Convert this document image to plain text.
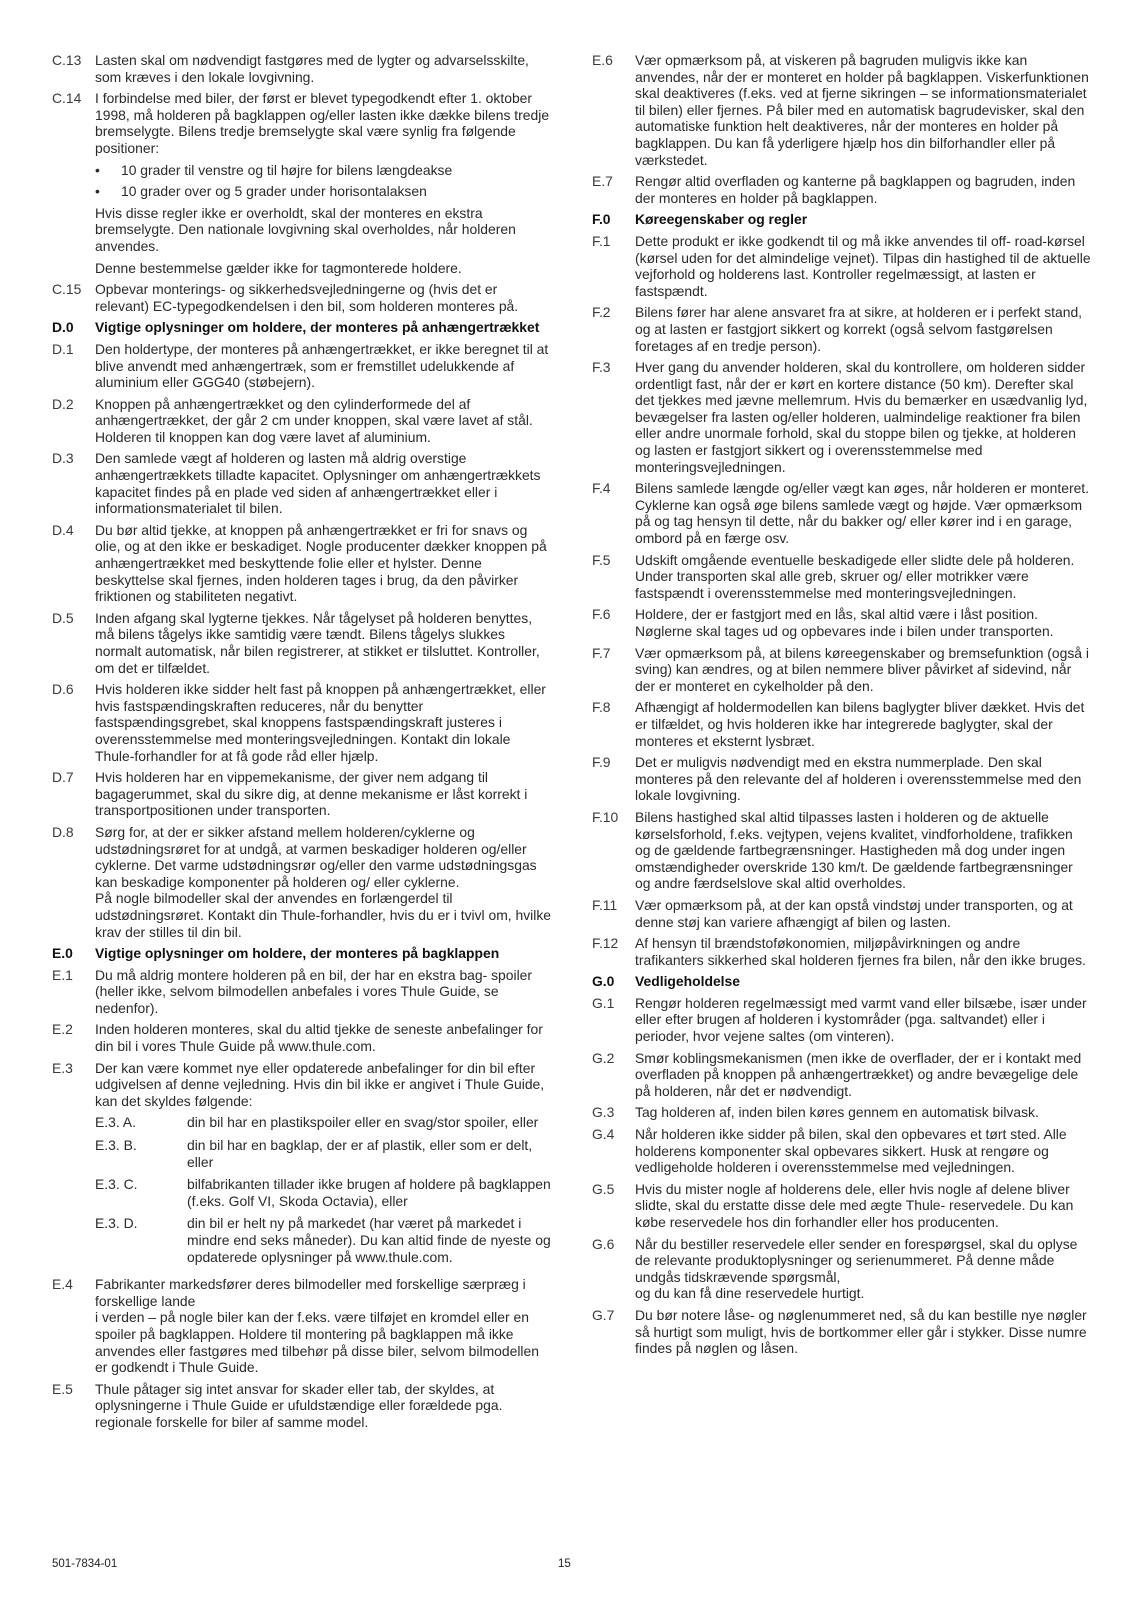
C.13 Lasten skal om nødvendigt fastgøres med de lygter og advarselsskilte, som kræves i den lokale lovgivning.

C.14 I forbindelse med biler, der først er blevet typegodkendt efter 1. oktober 1998, må holderen på bagklappen og/eller lasten ikke dække bilens tredje bremselygte. Bilens tredje bremselygte skal være synlig fra følgende positioner:

•	10 grader til venstre og til højre for bilens længdeakse
•	10 grader over og 5 grader under horisontalaksen

Hvis disse regler ikke er overholdt, skal der monteres en ekstra bremselygte. Den nationale lovgivning skal overholdes, når holderen anvendes.

Denne bestemmelse gælder ikke for tagmonterede holdere.

C.15 Opbevar monterings- og sikkerhedsvejledningerne og (hvis det er relevant) EC-typegodkendelsen i den bil, som holderen monteres på.

D.0	Vigtige oplysninger om holdere, der monteres på anhængertrækket

D.1	Den holdertype, der monteres på anhængertrækket, er ikke beregnet til at blive anvendt med anhængertræk, som er fremstillet udelukkende af aluminium eller GGG40 (støbejern).

D.2	Knoppen på anhængertrækket og den cylinderformede del af anhængertrækket, der går 2 cm under knoppen, skal være lavet af stål. Holderen til knoppen kan dog være lavet af aluminium.

D.3	Den samlede vægt af holderen og lasten må aldrig overstige anhængertrækkets tilladte kapacitet. Oplysninger om anhængertrækkets kapacitet findes på en plade ved siden af anhængertrækket eller i informationsmaterialet til bilen.

D.4	Du bør altid tjekke, at knoppen på anhængertrækket er fri for snavs og olie, og at den ikke er beskadiget. Nogle producenter dækker knoppen på anhængertrækket med beskyttende folie eller et hylster. Denne beskyttelse skal fjernes, inden holderen tages i brug, da den påvirker friktionen og stabiliteten negativt.

D.5	Inden afgang skal lygterne tjekkes. Når tågelyset på holderen benyttes, må bilens tågelys ikke samtidig være tændt. Bilens tågelys slukkes normalt automatisk, når bilen registrerer, at stikket er tilsluttet. Kontroller, om det er tilfældet.

D.6	Hvis holderen ikke sidder helt fast på knoppen på anhængertrækket, eller hvis fastspændingskraften reduceres, når du benytter fastspændingsgrebet, skal knoppens fastspændingskraft justeres i overensstemmelse med monteringsvejledningen. Kontakt din lokale Thule-forhandler for at få gode råd eller hjælp.

D.7	Hvis holderen har en vippemekanisme, der giver nem adgang til bagagerummet, skal du sikre dig, at denne mekanisme er låst korrekt i transportpositionen under transporten.

D.8	Sørg for, at der er sikker afstand mellem holderen/cyklerne og udstødningsrøret for at undgå, at varmen beskadiger holderen og/eller cyklerne. Det varme udstødningsrør og/eller den varme udstødningsgas kan beskadige komponenter på holderen og/ eller cyklerne.
På nogle bilmodeller skal der anvendes en forlængerdel til udstødningsrøret. Kontakt din Thule-forhandler, hvis du er i tvivl om, hvilke krav der stilles til din bil.

E.0	Vigtige oplysninger om holdere, der monteres på bagklappen

E.1	Du må aldrig montere holderen på en bil, der har en ekstra bag- spoiler (heller ikke, selvom bilmodellen anbefales i vores Thule Guide, se nedenfor).

E.2	Inden holderen monteres, skal du altid tjekke de seneste anbefalinger for din bil i vores Thule Guide på www.thule.com.

E.3	Der kan være kommet nye eller opdaterede anbefalinger for din bil efter udgivelsen af denne vejledning. Hvis din bil ikke er angivet i Thule Guide, kan det skyldes følgende:

E.3. A.	din bil har en plastikspoiler eller en svag/stor spoiler, eller
E.3. B.	din bil har en bagklap, der er af plastik, eller som er delt, eller
E.3. C.	bilfabrikanten tillader ikke brugen af holdere på bagklappen (f.eks. Golf VI, Skoda Octavia), eller
E.3. D.	din bil er helt ny på markedet (har været på markedet i mindre end seks måneder). Du kan altid finde de nyeste og opdaterede oplysninger på www.thule.com.
E.4	Fabrikanter markedsfører deres bilmodeller med forskellige særpræg i forskellige lande
i verden – på nogle biler kan der f.eks. være tilføjet en kromdel eller en spoiler på bagklappen. Holdere til montering på bagklappen må ikke anvendes eller fastgøres med tilbehør på disse biler, selvom bilmodellen er godkendt i Thule Guide.

E.5	Thule påtager sig intet ansvar for skader eller tab, der skyldes, at oplysningerne i Thule Guide er ufuldstændige eller forældede pga. regionale forskelle for biler af samme model.

E.6	Vær opmærksom på, at viskeren på bagruden muligvis ikke kan anvendes, når der er monteret en holder på bagklappen. Viskerfunktionen skal deaktiveres (f.eks. ved at fjerne sikringen – se informationsmaterialet til bilen) eller fjernes. På biler med en automatisk bagrudevisker, skal den automatiske funktion helt deaktiveres, når der monteres en holder på bagklappen. Du kan få yderligere hjælp hos din bilforhandler eller på værkstedet.

E.7	Rengør altid overfladen og kanterne på bagklappen og bagruden, inden der monteres en holder på bagklappen.

F.0	Køreegenskaber og regler

F.1	Dette produkt er ikke godkendt til og må ikke anvendes til off- road-kørsel (kørsel uden for det almindelige vejnet). Tilpas din hastighed til de aktuelle vejforhold og holderens last. Kontroller regelmæssigt, at lasten er fastspændt.

F.2	Bilens fører har alene ansvaret fra at sikre, at holderen er i perfekt stand, og at lasten er fastgjort sikkert og korrekt (også selvom fastgørelsen foretages af en tredje person).

F.3	Hver gang du anvender holderen, skal du kontrollere, om holderen sidder ordentligt fast, når der er kørt en kortere distance (50 km). Derefter skal det tjekkes med jævne mellemrum. Hvis du bemærker en usædvanlig lyd, bevægelser fra lasten og/eller holderen, ualmindelige reaktioner fra bilen eller andre unormale forhold, skal du stoppe bilen og tjekke, at holderen og lasten er fastgjort sikkert og i overensstemmelse med monteringsvejledningen.

F.4	Bilens samlede længde og/eller vægt kan øges, når holderen er monteret. Cyklerne kan også øge bilens samlede vægt og højde. Vær opmærksom på og tag hensyn til dette, når du bakker og/ eller kører ind i en garage, ombord på en færge osv.

F.5	Udskift omgående eventuelle beskadigede eller slidte dele på holderen. Under transporten skal alle greb, skruer og/ eller motrikker være fastspændt i overensstemmelse med monteringsvejledningen.

F.6	Holdere, der er fastgjort med en lås, skal altid være i låst position. Nøglerne skal tages ud og opbevares inde i bilen under transporten.

F.7	Vær opmærksom på, at bilens køreegenskaber og bremsefunktion (også i sving) kan ændres, og at bilen nemmere bliver påvirket af sidevind, når der er monteret en cykelholder på den.

F.8	Afhængigt af holdermodellen kan bilens baglygter bliver dækket. Hvis det er tilfældet, og hvis holderen ikke har integrerede baglygter, skal der monteres et eksternt lysbræt.

F.9	Det er muligvis nødvendigt med en ekstra nummerplade. Den skal monteres på den relevante del af holderen i overensstemmelse med den lokale lovgivning.

F.10	Bilens hastighed skal altid tilpasses lasten i holderen og de aktuelle kørselsforhold, f.eks. vejtypen, vejens kvalitet, vindforholdene, trafikken og de gældende fartbegrænsninger. Hastigheden må dog under ingen omstændigheder overskride 130 km/t. De gældende fartbegrænsninger og andre færdselslove skal altid overholdes.

F.11	Vær opmærksom på, at der kan opstå vindstøj under transporten, og at denne støj kan variere afhængigt af bilen og lasten.

F.12	Af hensyn til brændstoføkonomien, miljøpåvirkningen og andre trafikanters sikkerhed skal holderen fjernes fra bilen, når den ikke bruges.

G.0	Vedligeholdelse

G.1	Rengør holderen regelmæssigt med varmt vand eller bilsæbe, især under eller efter brugen af holderen i kystområder (pga. saltvandet) eller i perioder, hvor vejene saltes (om vinteren).

G.2	Smør koblingsmekanismen (men ikke de overflader, der er i kontakt med overfladen på knoppen på anhængertrækket) og andre bevægelige dele på holderen, når det er nødvendigt.

G.3	Tag holderen af, inden bilen køres gennem en automatisk bilvask.

G.4	Når holderen ikke sidder på bilen, skal den opbevares et tørt sted. Alle holderens komponenter skal opbevares sikkert. Husk at rengøre og vedligeholde holderen i overensstemmelse med vejledningen.

G.5	Hvis du mister nogle af holderens dele, eller hvis nogle af delene bliver slidte, skal du erstatte disse dele med ægte Thule- reservedele. Du kan købe reservedele hos din forhandler eller hos producenten.

G.6	Når du bestiller reservedele eller sender en forespørgsel, skal du oplyse de relevante produktoplysninger og serienummeret. På denne måde undgås tidskrævende spørgsmål,
og du kan få dine reservedele hurtigt.

G.7	Du bør notere låse- og nøglenummeret ned, så du kan bestille nye nøgler så hurtigt som muligt, hvis de bortkommer eller går i stykker. Disse numre findes på nøglen og låsen.

501-7834-01	15
